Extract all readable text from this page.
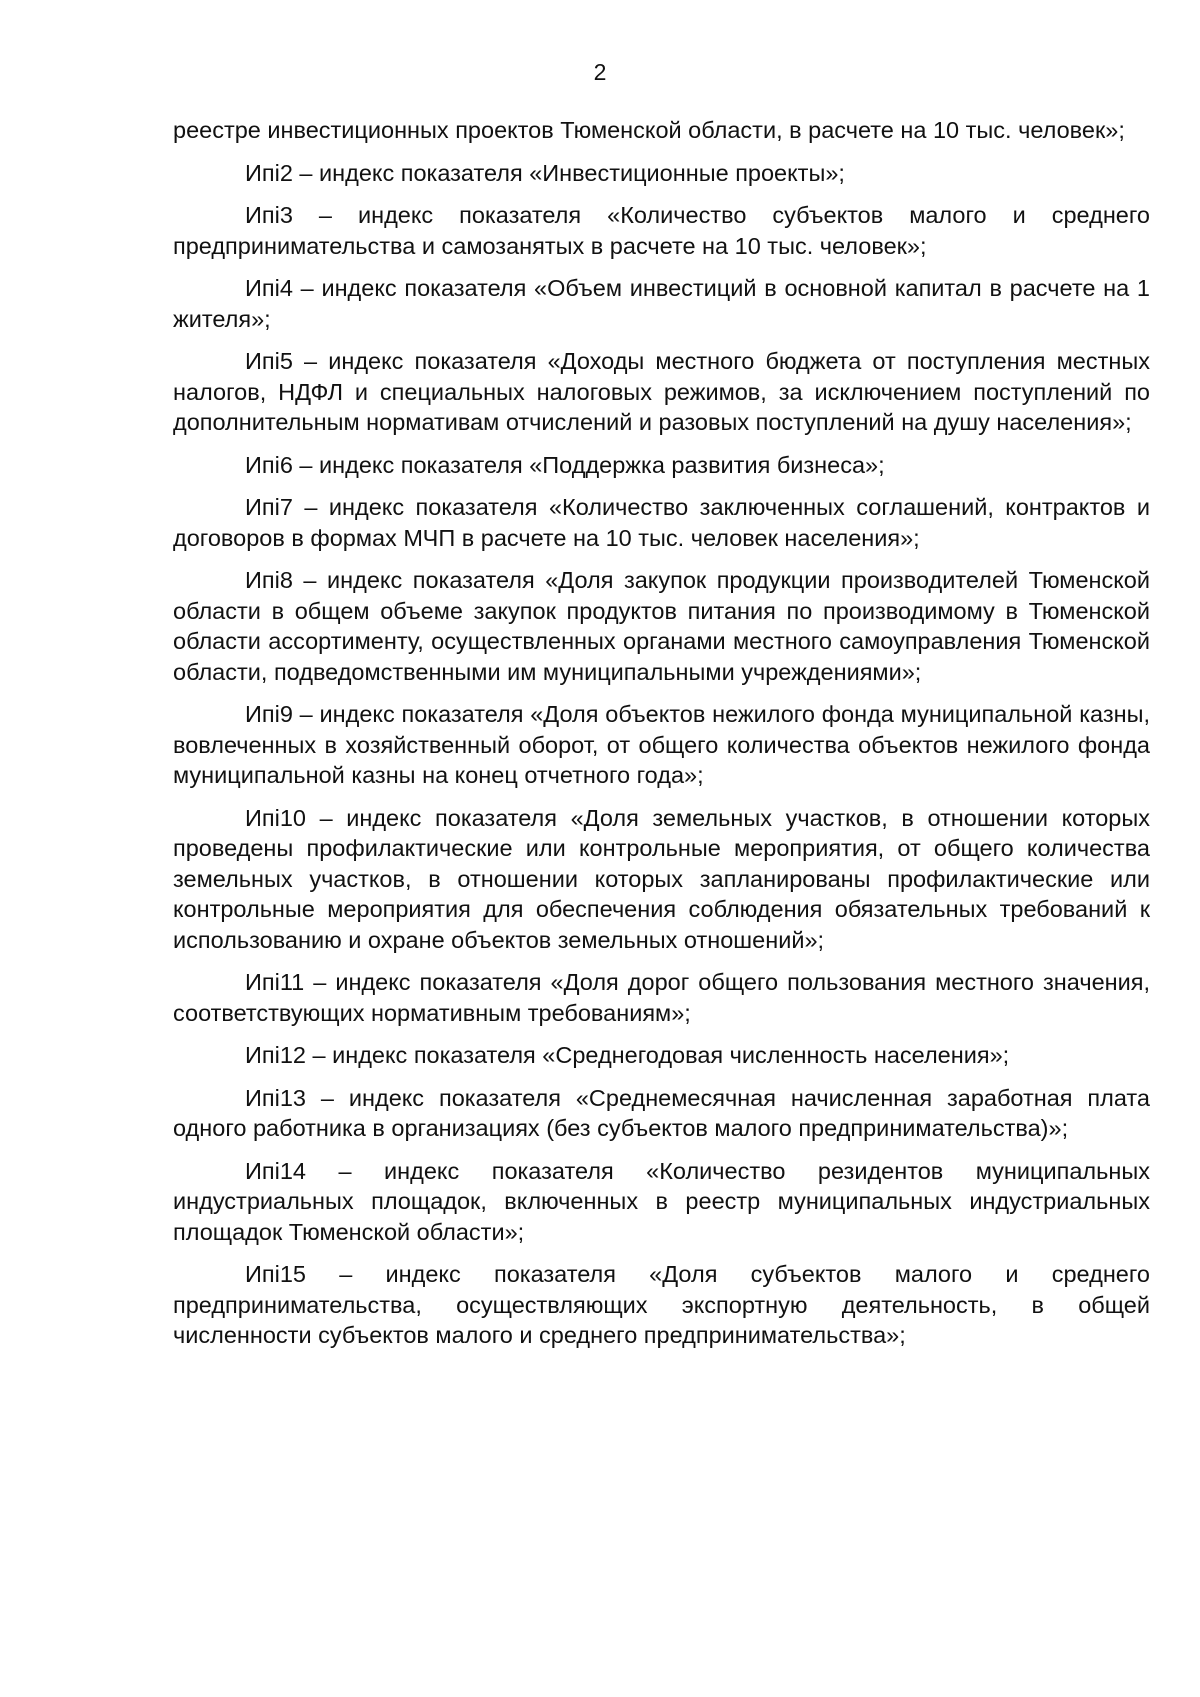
2

реестре инвестиционных проектов Тюменской области, в расчете на 10 тыс. человек»;

Ипi2 – индекс показателя «Инвестиционные проекты»;

Ипi3 – индекс показателя «Количество субъектов малого и среднего предпринимательства и самозанятых в расчете на 10 тыс. человек»;

Ипi4 – индекс показателя «Объем инвестиций в основной капитал в расчете на 1 жителя»;

Ипi5 – индекс показателя «Доходы местного бюджета от поступления местных налогов, НДФЛ и специальных налоговых режимов, за исключением поступлений по дополнительным нормативам отчислений и разовых поступлений на душу населения»;

Ипi6 – индекс показателя «Поддержка развития бизнеса»;

Ипi7 – индекс показателя «Количество заключенных соглашений, контрактов и договоров в формах МЧП в расчете на 10 тыс. человек населения»;

Ипi8 – индекс показателя «Доля закупок продукции производителей Тюменской области в общем объеме закупок продуктов питания по производимому в Тюменской области ассортименту, осуществленных органами местного самоуправления Тюменской области, подведомственными им муниципальными учреждениями»;

Ипi9 – индекс показателя «Доля объектов нежилого фонда муниципальной казны, вовлеченных в хозяйственный оборот, от общего количества объектов нежилого фонда муниципальной казны на конец отчетного года»;

Ипi10 – индекс показателя «Доля земельных участков, в отношении которых проведены профилактические или контрольные мероприятия, от общего количества земельных участков, в отношении которых запланированы профилактические или контрольные мероприятия для обеспечения соблюдения обязательных требований к использованию и охране объектов земельных отношений»;

Ипi11 – индекс показателя «Доля дорог общего пользования местного значения, соответствующих нормативным требованиям»;

Ипi12 – индекс показателя «Среднегодовая численность населения»;

Ипi13 – индекс показателя «Среднемесячная начисленная заработная плата одного работника в организациях (без субъектов малого предпринимательства)»;

Ипi14 – индекс показателя «Количество резидентов муниципальных индустриальных площадок, включенных в реестр муниципальных индустриальных площадок Тюменской области»;

Ипi15 – индекс показателя «Доля субъектов малого и среднего предпринимательства, осуществляющих экспортную деятельность, в общей численности субъектов малого и среднего предпринимательства»;
